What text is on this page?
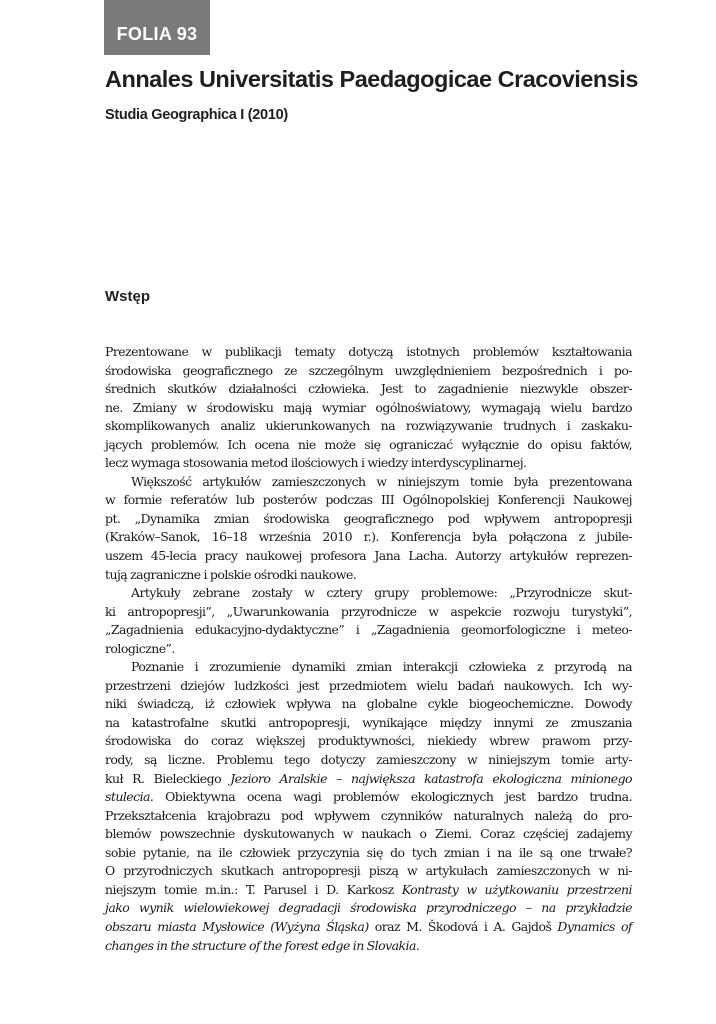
FOLIA 93
Annales Universitatis Paedagogicae Cracoviensis
Studia Geographica I (2010)
Wstęp
Prezentowane w publikacji tematy dotyczą istotnych problemów kształtowania
środowiska geograficznego ze szczególnym uwzględnieniem bezpośrednich i po-
średnich skutków działalności człowieka. Jest to zagadnienie niezwykle obszer-
ne. Zmiany w środowisku mają wymiar ogólnoświatowy, wymagają wielu bardzo
skomplikowanych analiz ukierunkowanych na rozwiązywanie trudnych i zaskaku-
jących problemów. Ich ocena nie może się ograniczać wyłącznie do opisu faktów,
lecz wymaga stosowania metod ilościowych i wiedzy interdyscyplinarnej.
Większość artykułów zamieszczonych w niniejszym tomie była prezentowana
w formie referatów lub posterów podczas III Ogólnopolskiej Konferencji Naukowej
pt. „Dynamika zmian środowiska geograficznego pod wpływem antropopresji
(Kraków–Sanok, 16–18 września 2010 r.). Konferencja była połączona z jubile-
uszem 45-lecia pracy naukowej profesora Jana Lacha. Autorzy artykułów reprezen-
tują zagraniczne i polskie ośrodki naukowe.
Artykuły zebrane zostały w cztery grupy problemowe: „Przyrodnicze skut-
ki antropopresji”, „Uwarunkowania przyrodnicze w aspekcie rozwoju turystyki”,
„Zagadnienia edukacyjno-dydaktyczne” i „Zagadnienia geomorfologiczne i meteo-
rologiczne”.
Poznanie i zrozumienie dynamiki zmian interakcji człowieka z przyrodą na
przestrzeni dziejów ludzkości jest przedmiotem wielu badań naukowych. Ich wy-
niki świadczą, iż człowiek wpływa na globalne cykle biogeochemiczne. Dowody
na katastrofalne skutki antropopresji, wynikające między innymi ze zmuszania
środowiska do coraz większej produktywności, niekiedy wbrew prawom przy-
rody, są liczne. Problemu tego dotyczy zamieszczony w niniejszym tomie arty-
kuł R. Bieleckiego Jezioro Aralskie – największa katastrofa ekologiczna minionego
stulecia. Obiektywna ocena wagi problemów ekologicznych jest bardzo trudna.
Przekształcenia krajobrazu pod wpływem czynników naturalnych należą do pro-
blemów powszechnie dyskutowanych w naukach o Ziemi. Coraz częściej zadajemy
sobie pytanie, na ile człowiek przyczynia się do tych zmian i na ile są one trwałe?
O przyrodniczych skutkach antropopresji piszą w artykułach zamieszczonych w ni-
niejszym tomie m.in.: T. Parusel i D. Karkosz Kontrasty w użytkowaniu przestrzeni
jako wynik wielowiekowej degradacji środowiska przyrodniczego – na przykładzie
obszaru miasta Mysłowice (Wyżyna Śląska) oraz M. Škodová i A. Gajdoš Dynamics of
changes in the structure of the forest edge in Slovakia.
